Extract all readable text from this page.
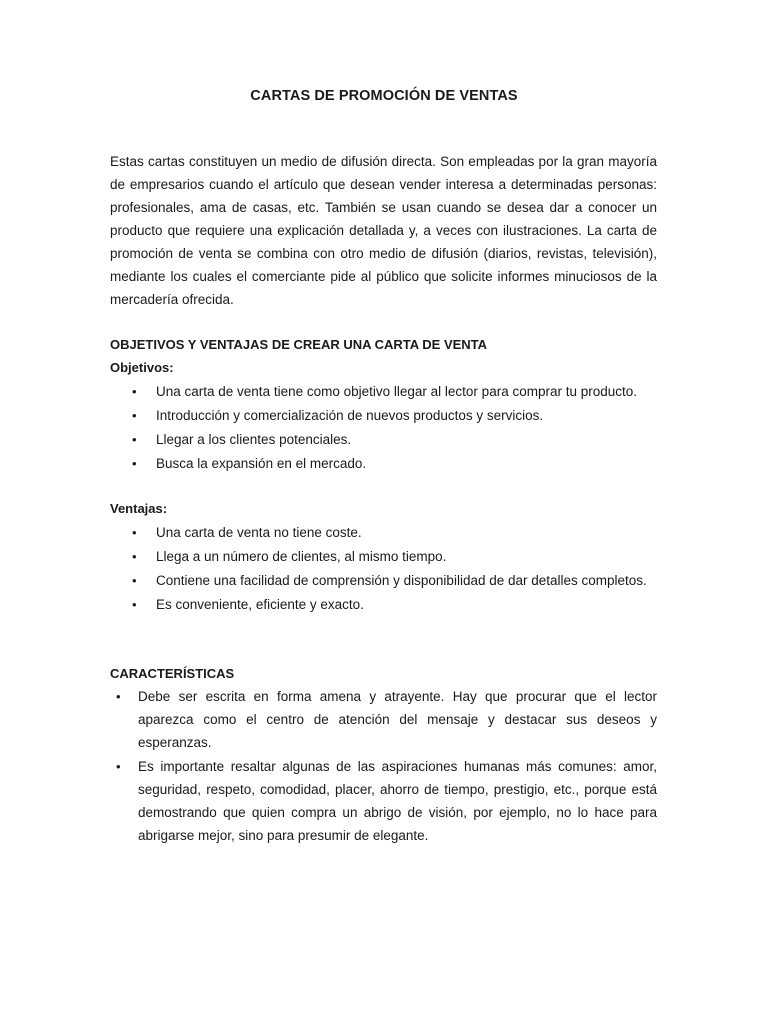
CARTAS DE PROMOCIÓN DE VENTAS
Estas cartas constituyen un medio de difusión directa. Son empleadas por la gran mayoría de empresarios cuando el artículo que desean vender interesa a determinadas personas: profesionales, ama de casas, etc. También se usan cuando se desea dar a conocer un producto que requiere una explicación detallada y, a veces con ilustraciones. La carta de promoción de venta se combina con otro medio de difusión (diarios, revistas, televisión), mediante los cuales el comerciante pide al público que solicite informes minuciosos de la mercadería ofrecida.
OBJETIVOS Y VENTAJAS DE CREAR UNA CARTA DE VENTA
Objetivos:
• Una carta de venta tiene como objetivo llegar al lector para comprar tu producto.
• Introducción y comercialización de nuevos productos y servicios.
• Llegar a los clientes potenciales.
• Busca la expansión en el mercado.
Ventajas:
• Una carta de venta no tiene coste.
• Llega a un número de clientes, al mismo tiempo.
• Contiene una facilidad de comprensión y disponibilidad de dar detalles completos.
• Es conveniente, eficiente y exacto.
CARACTERÍSTICAS
• Debe ser escrita en forma amena y atrayente. Hay que procurar que el lector aparezca como el centro de atención del mensaje y destacar sus deseos y esperanzas.
• Es importante resaltar algunas de las aspiraciones humanas más comunes: amor, seguridad, respeto, comodidad, placer, ahorro de tiempo, prestigio, etc., porque está demostrando que quien compra un abrigo de visión, por ejemplo, no lo hace para abrigarse mejor, sino para presumir de elegante.
